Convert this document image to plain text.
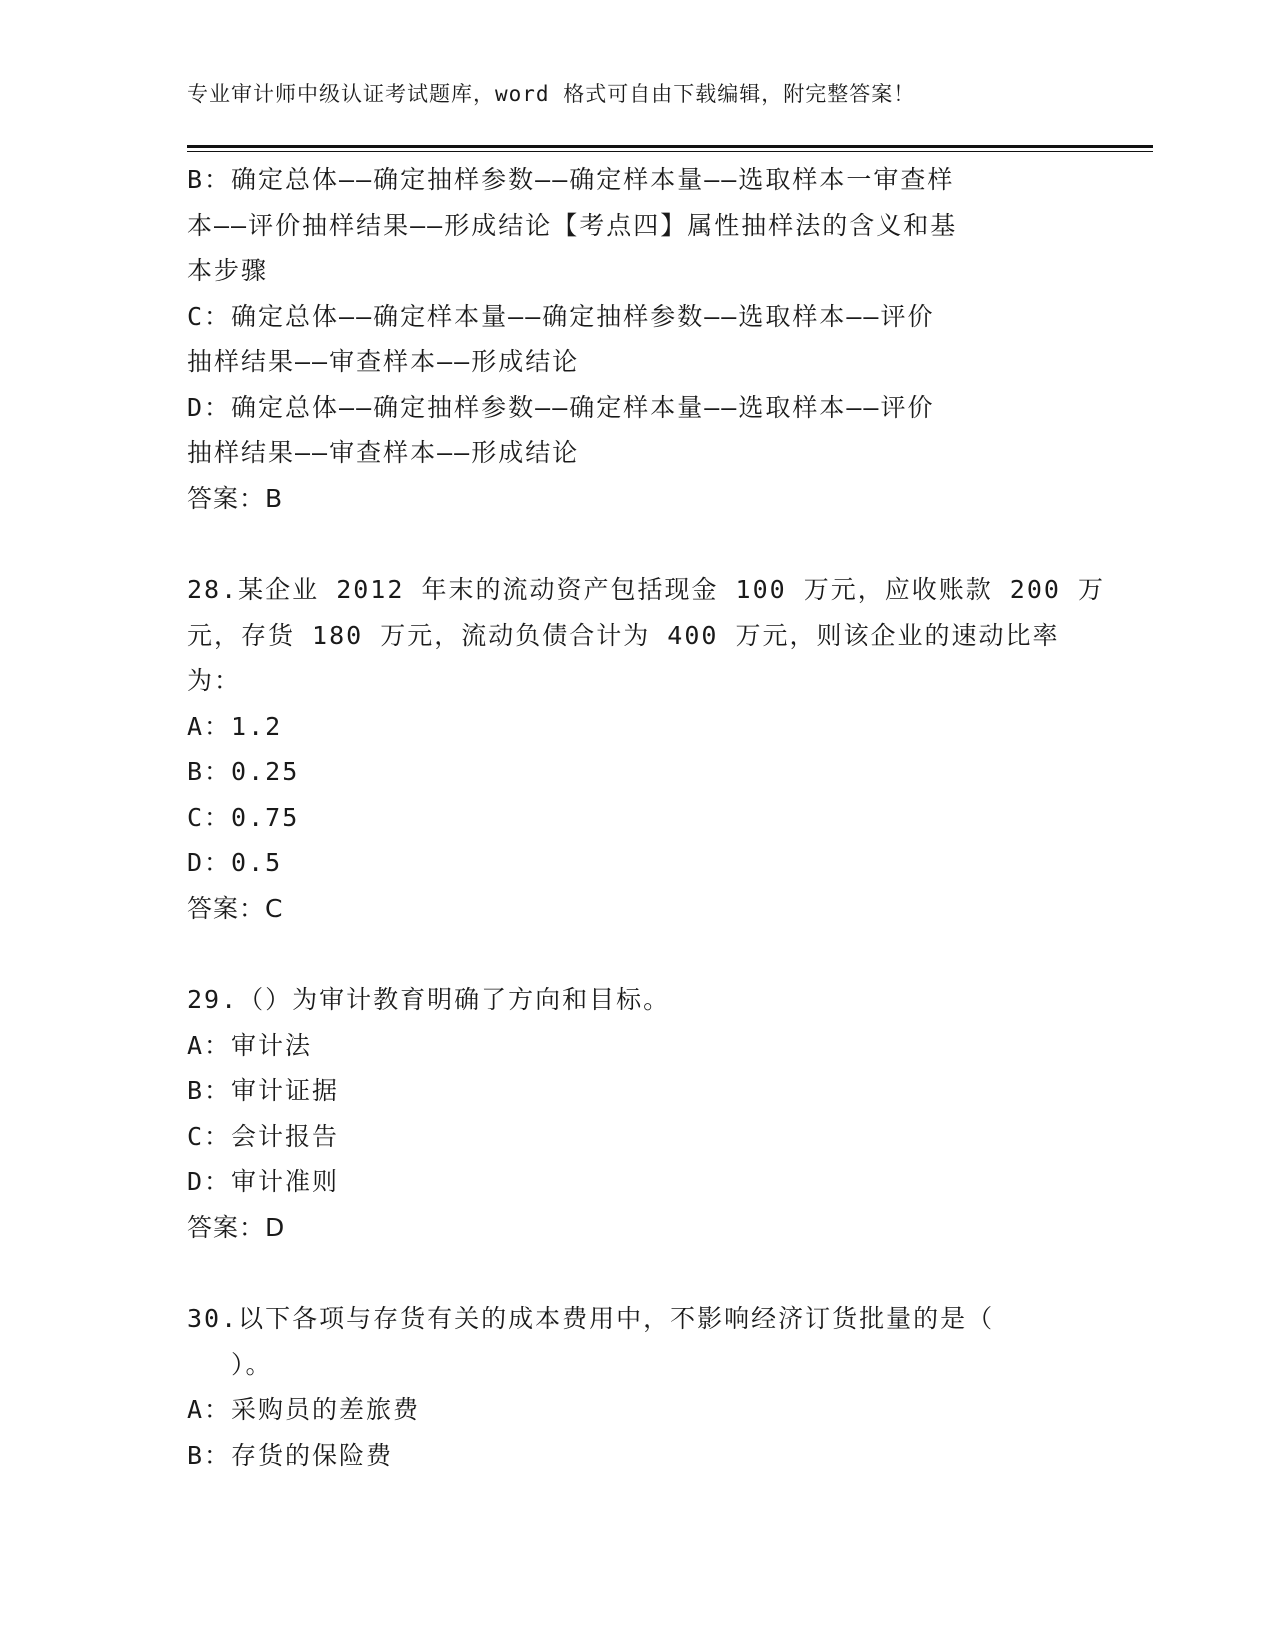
专业审计师中级认证考试题库，word 格式可自由下载编辑，附完整答案！
B：确定总体——确定抽样参数——确定样本量——选取样本一审查样
本——评价抽样结果——形成结论【考点四】属性抽样法的含义和基
本步骤
C：确定总体——确定样本量——确定抽样参数——选取样本——评价
抽样结果——审查样本——形成结论
D：确定总体——确定抽样参数——确定样本量——选取样本——评价
抽样结果——审查样本——形成结论
答案：B
28.某企业 2012 年末的流动资产包括现金 100 万元，应收账款 200 万
元，存货 180 万元，流动负债合计为 400 万元，则该企业的速动比率
为：
A：1.2
B：0.25
C：0.75
D：0.5
答案：C
29.（）为审计教育明确了方向和目标。
A：审计法
B：审计证据
C：会计报告
D：审计准则
答案：D
30.以下各项与存货有关的成本费用中，不影响经济订货批量的是（
）。
A：采购员的差旅费
B：存货的保险费
